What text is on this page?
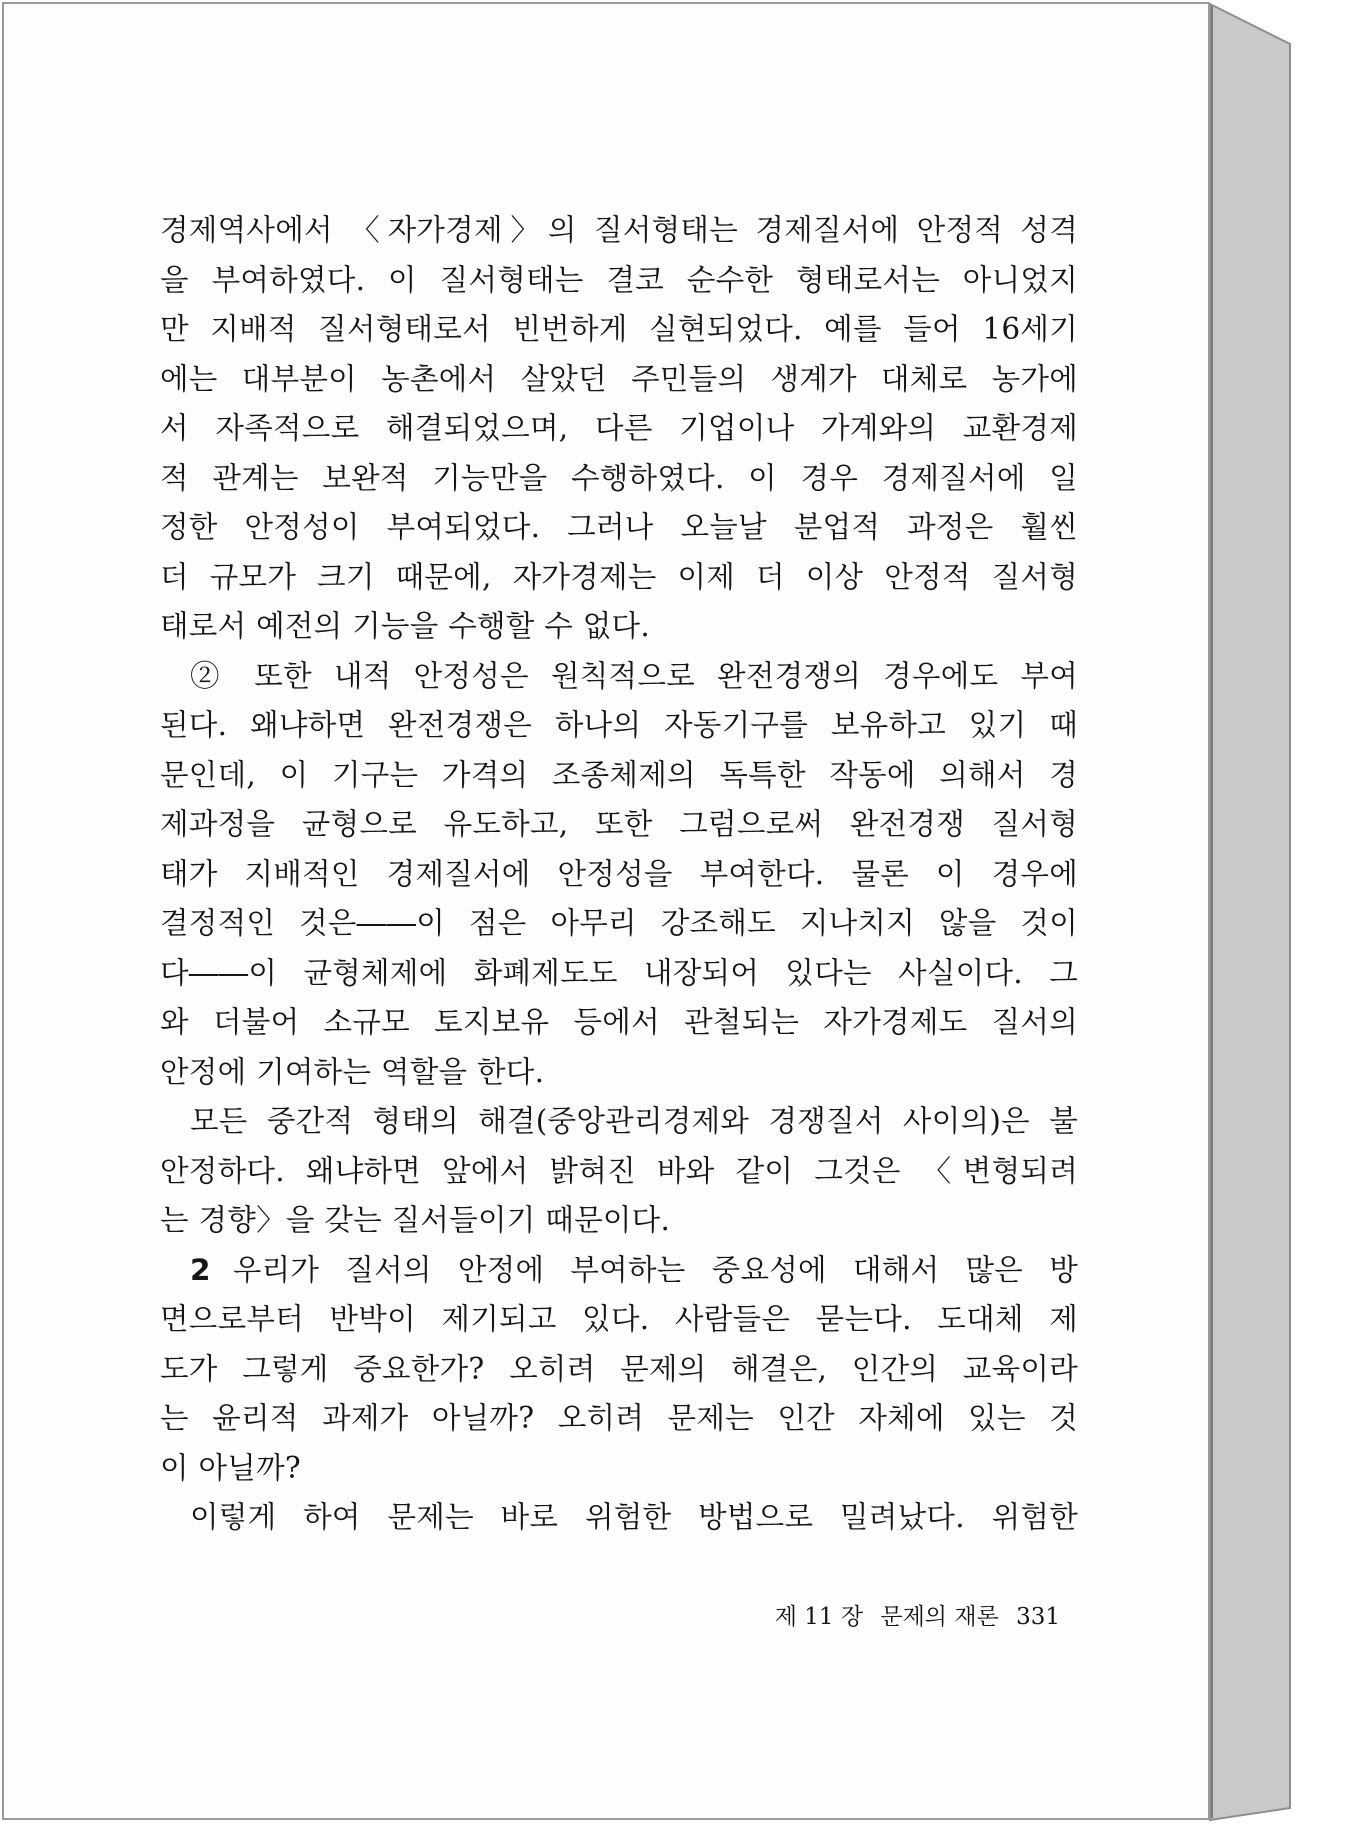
경제역사에서 〈자가경제〉의 질서형태는 경제질서에 안정적 성격
을 부여하였다. 이 질서형태는 결코 순수한 형태로서는 아니었지
만 지배적 질서형태로서 빈번하게 실현되었다. 예를 들어 16세기
에는 대부분이 농촌에서 살았던 주민들의 생계가 대체로 농가에
서 자족적으로 해결되었으며, 다른 기업이나 가계와의 교환경제
적 관계는 보완적 기능만을 수행하였다. 이 경우 경제질서에 일
정한 안정성이 부여되었다. 그러나 오늘날 분업적 과정은 훨씬
더 규모가 크기 때문에, 자가경제는 이제 더 이상 안정적 질서형
태로서 예전의 기능을 수행할 수 없다.

② 또한 내적 안정성은 원칙적으로 완전경쟁의 경우에도 부여
된다. 왜냐하면 완전경쟁은 하나의 자동기구를 보유하고 있기 때
문인데, 이 기구는 가격의 조종체제의 독특한 작동에 의해서 경
제과정을 균형으로 유도하고, 또한 그럼으로써 완전경쟁 질서형
태가 지배적인 경제질서에 안정성을 부여한다. 물론 이 경우에
결정적인 것은――이 점은 아무리 강조해도 지나치지 않을 것이
다――이 균형체제에 화폐제도도 내장되어 있다는 사실이다. 그
와 더불어 소규모 토지보유 등에서 관철되는 자가경제도 질서의
안정에 기여하는 역할을 한다.

모든 중간적 형태의 해결(중앙관리경제와 경쟁질서 사이의)은 불
안정하다. 왜냐하면 앞에서 밝혀진 바와 같이 그것은 〈변형되려
는 경향〉을 갖는 질서들이기 때문이다.

2 우리가 질서의 안정에 부여하는 중요성에 대해서 많은 방
면으로부터 반박이 제기되고 있다. 사람들은 묻는다. 도대체 제
도가 그렇게 중요한가? 오히려 문제의 해결은, 인간의 교육이라
는 윤리적 과제가 아닐까? 오히려 문제는 인간 자체에 있는 것
이 아닐까?

이렇게 하여 문제는 바로 위험한 방법으로 밀려났다. 위험한

제 11 장 문제의 재론 331
